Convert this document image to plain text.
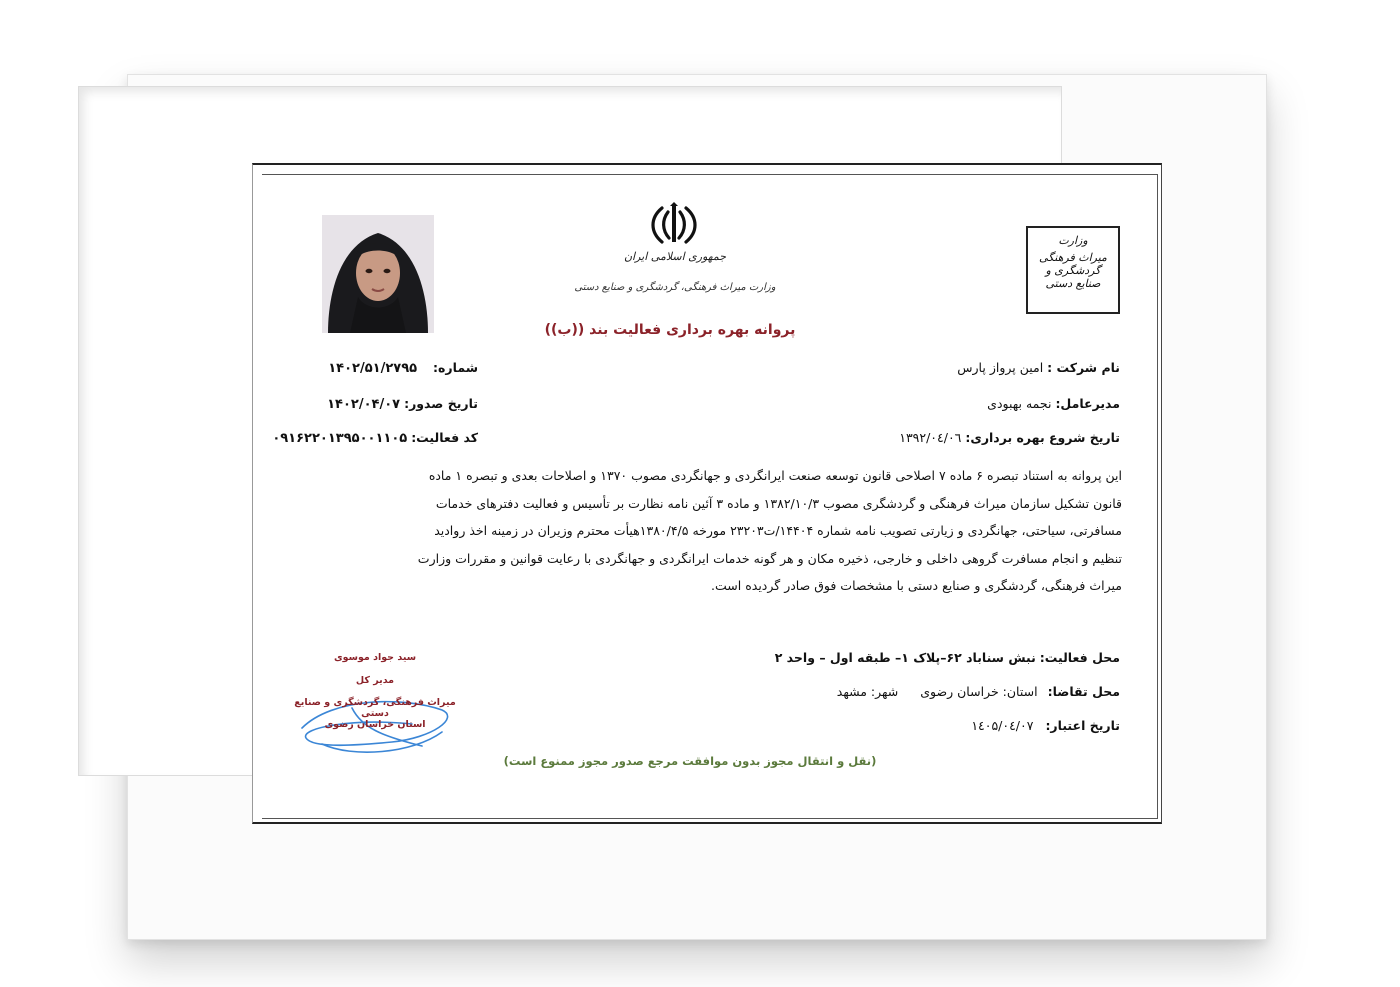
جمهوری اسلامی ایران
وزارت میراث فرهنگی، گردشگری و صنایع دستی
وزارت
میراث فرهنگی گردشگری و صنایع دستی
پروانه بهره برداری فعالیت بند ((ب))
نام شرکت : امین پرواز پارس
مدیرعامل: نجمه بهبودی
تاریخ شروع بهره برداری: ۱۳۹۲/۰٤/۰٦
شماره: ۱۴۰۲/۵۱/۲۷۹۵
تاریخ صدور: ۱۴۰۲/۰۴/۰۷
کد فعالیت: ۰۹۱۶۲۲۰۱۳۹۵۰۰۱۱۰۵
این پروانه به استناد تبصره ۶ ماده ۷ اصلاحی قانون توسعه صنعت ایرانگردی و جهانگردی مصوب ۱۳۷۰ و اصلاحات بعدی و تبصره ۱ ماده
قانون تشکیل سازمان میراث فرهنگی و گردشگری مصوب ۱۳۸۲/۱۰/۳ و ماده ۳ آئین نامه نظارت بر تأسیس و فعالیت دفترهای خدمات
مسافرتی، سیاحتی، جهانگردی و زیارتی تصویب نامه شماره ۱۴۴۰۴/ت۲۳۲۰۳ مورخه ۱۳۸۰/۴/۵هیأت محترم وزیران در زمینه اخذ روادید
تنظیم و انجام مسافرت گروهی داخلی و خارجی، ذخیره مکان و هر گونه خدمات ایرانگردی و جهانگردی با رعایت قوانین و مقررات وزارت
میراث فرهنگی، گردشگری و صنایع دستی با مشخصات فوق صادر گردیده است.
محل فعالیت: نبش سناباد ۶۲–پلاک ۱– طبقه اول – واحد ۲
محل تقاضا: استان: خراسان رضوی شهر: مشهد
تاریخ اعتبار: ۱٤۰۵/۰٤/۰۷
سید جواد موسوی
مدیر کل
میراث فرهنگی، گردشگری و صنایع دستی
استان خراسان رضوی
(نقل و انتقال مجوز بدون موافقت مرجع صدور مجوز ممنوع است)
